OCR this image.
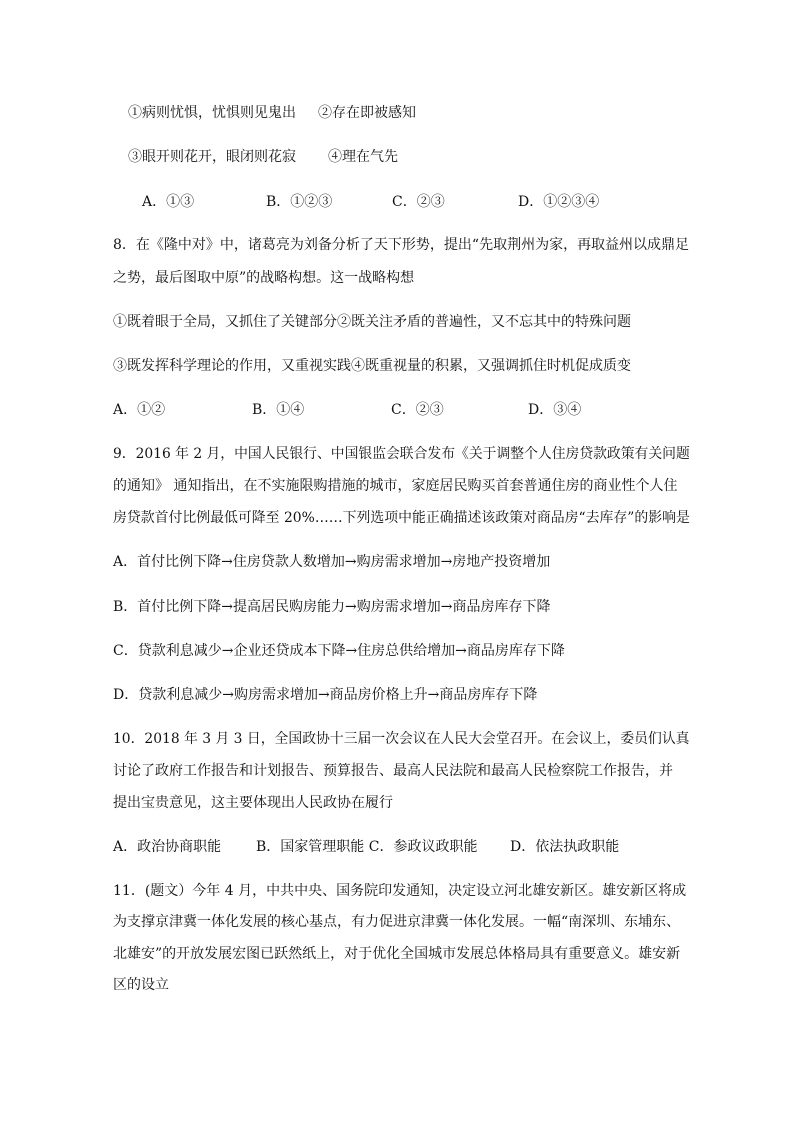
①病则忧惧，忧惧则见鬼出 ②存在即被感知
③眼开则花开，眼闭则花寂 ④理在气先
A．①③	B．①②③	C．②③	D．①②③④
8．在《隆中对》中，诸葛亮为刘备分析了天下形势，提出“先取荆州为家，再取益州以成鼎足
之势，最后图取中原”的战略构想。这一战略构想
①既着眼于全局，又抓住了关键部分②既关注矛盾的普遍性，又不忘其中的特殊问题
③既发挥科学理论的作用，又重视实践④既重视量的积累，又强调抓住时机促成质变
A．①②	B．①④	C．②③	D．③④
9．2016 年 2 月，中国人民银行、中国银监会联合发布《关于调整个人住房贷款政策有关问题
的通知》 通知指出，在不实施限购措施的城市，家庭居民购买首套普通住房的商业性个人住
房贷款首付比例最低可降至 20%……下列选项中能正确描述该政策对商品房“去库存”的影响是
A．首付比例下降→住房贷款人数增加→购房需求增加→房地产投资增加
B．首付比例下降→提高居民购房能力→购房需求增加→商品房库存下降
C．贷款利息减少→企业还贷成本下降→住房总供给增加→商品房库存下降
D．贷款利息减少→购房需求增加→商品房价格上升→商品房库存下降
10．2018 年 3 月 3 日，全国政协十三届一次会议在人民大会堂召开。在会议上，委员们认真
讨论了政府工作报告和计划报告、预算报告、最高人民法院和最高人民检察院工作报告，并
提出宝贵意见，这主要体现出人民政协在履行
A．政治协商职能 B．国家管理职能 C．参政议政职能 D．依法执政职能
11．(题文）今年 4 月，中共中央、国务院印发通知，决定设立河北雄安新区。雄安新区将成
为支撑京津冀一体化发展的核心基点，有力促进京津冀一体化发展。一幅“南深圳、东埔东、
北雄安”的开放发展宏图已跃然纸上，对于优化全国城市发展总体格局具有重要意义。雄安新
区的设立
